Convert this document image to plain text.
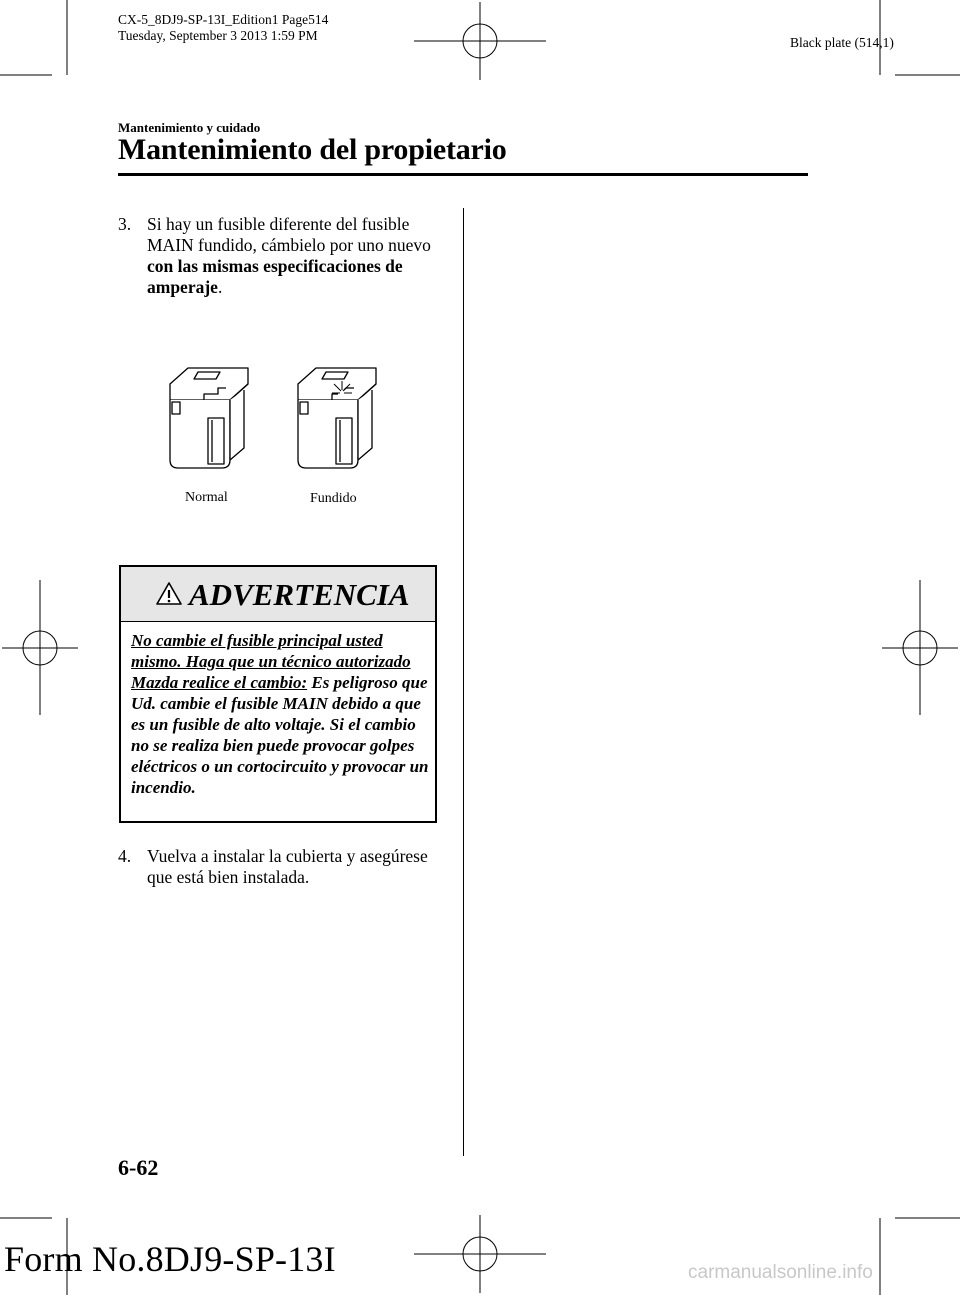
CX-5_8DJ9-SP-13I_Edition1 Page514
Tuesday, September 3 2013 1:59 PM	Black plate (514,1)
Mantenimiento y cuidado
Mantenimiento del propietario
3. Si hay un fusible diferente del fusible MAIN fundido, cámbielo por uno nuevo con las mismas especificaciones de amperaje.
Normal	Fundido
ADVERTENCIA
No cambie el fusible principal usted mismo. Haga que un técnico autorizado Mazda realice el cambio: Es peligroso que Ud. cambie el fusible MAIN debido a que es un fusible de alto voltaje. Si el cambio no se realiza bien puede provocar golpes eléctricos o un cortocircuito y provocar un incendio.
4. Vuelva a instalar la cubierta y asegúrese que está bien instalada.
6-62
Form No.8DJ9-SP-13I	carmanualsonline.info
